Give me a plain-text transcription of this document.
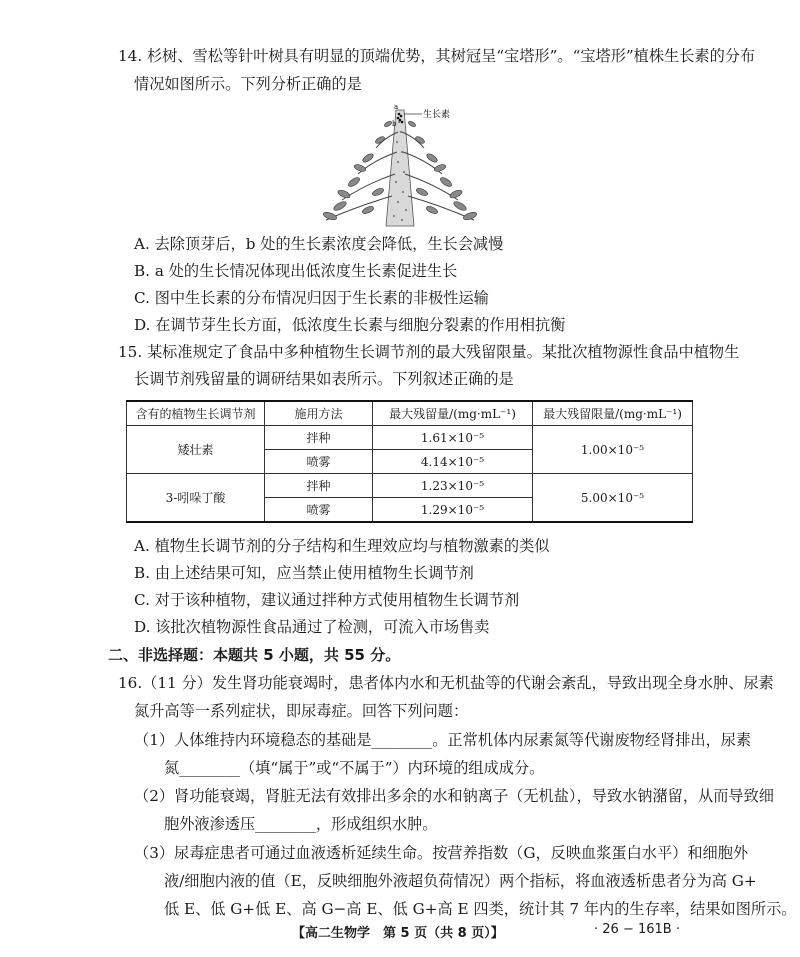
14. 杉树、雪松等针叶树具有明显的顶端优势，其树冠呈“宝塔形”。“宝塔形”植株生长素的分布
情况如图所示。下列分析正确的是
a
b
生长素
A. 去除顶芽后，b 处的生长素浓度会降低，生长会减慢
B. a 处的生长情况体现出低浓度生长素促进生长
C. 图中生长素的分布情况归因于生长素的非极性运输
D. 在调节芽生长方面，低浓度生长素与细胞分裂素的作用相抗衡
15. 某标准规定了食品中多种植物生长调节剂的最大残留限量。某批次植物源性食品中植物生
长调节剂残留量的调研结果如表所示。下列叙述正确的是
含有的植物生长调节剂	施用方法	最大残留量/(mg·mL⁻¹)	最大残留限量/(mg·mL⁻¹)
矮壮素	拌种	1.61×10⁻⁵	1.00×10⁻⁵
	喷雾	4.14×10⁻⁵	
3-吲哚丁酸	拌种	1.23×10⁻⁵	5.00×10⁻⁵
	喷雾	1.29×10⁻⁵	
A. 植物生长调节剂的分子结构和生理效应均与植物激素的类似
B. 由上述结果可知，应当禁止使用植物生长调节剂
C. 对于该种植物，建议通过拌种方式使用植物生长调节剂
D. 该批次植物源性食品通过了检测，可流入市场售卖
二、非选择题：本题共 5 小题，共 55 分。
16.（11 分）发生肾功能衰竭时，患者体内水和无机盐等的代谢会紊乱，导致出现全身水肿、尿素
氮升高等一系列症状，即尿毒症。回答下列问题：
（1）人体维持内环境稳态的基础是________。正常机体内尿素氮等代谢废物经肾排出，尿素
氮________（填“属于”或“不属于”）内环境的组成成分。
（2）肾功能衰竭，肾脏无法有效排出多余的水和钠离子（无机盐），导致水钠潴留，从而导致细
胞外液渗透压________，形成组织水肿。
（3）尿毒症患者可通过血液透析延续生命。按营养指数（G，反映血浆蛋白水平）和细胞外
液/细胞内液的值（E，反映细胞外液超负荷情况）两个指标，将血液透析患者分为高 G+
低 E、低 G+低 E、高 G−高 E、低 G+高 E 四类，统计其 7 年内的生存率，结果如图所示。
【高二生物学　第 5 页（共 8 页）】	· 26 − 161B ·
